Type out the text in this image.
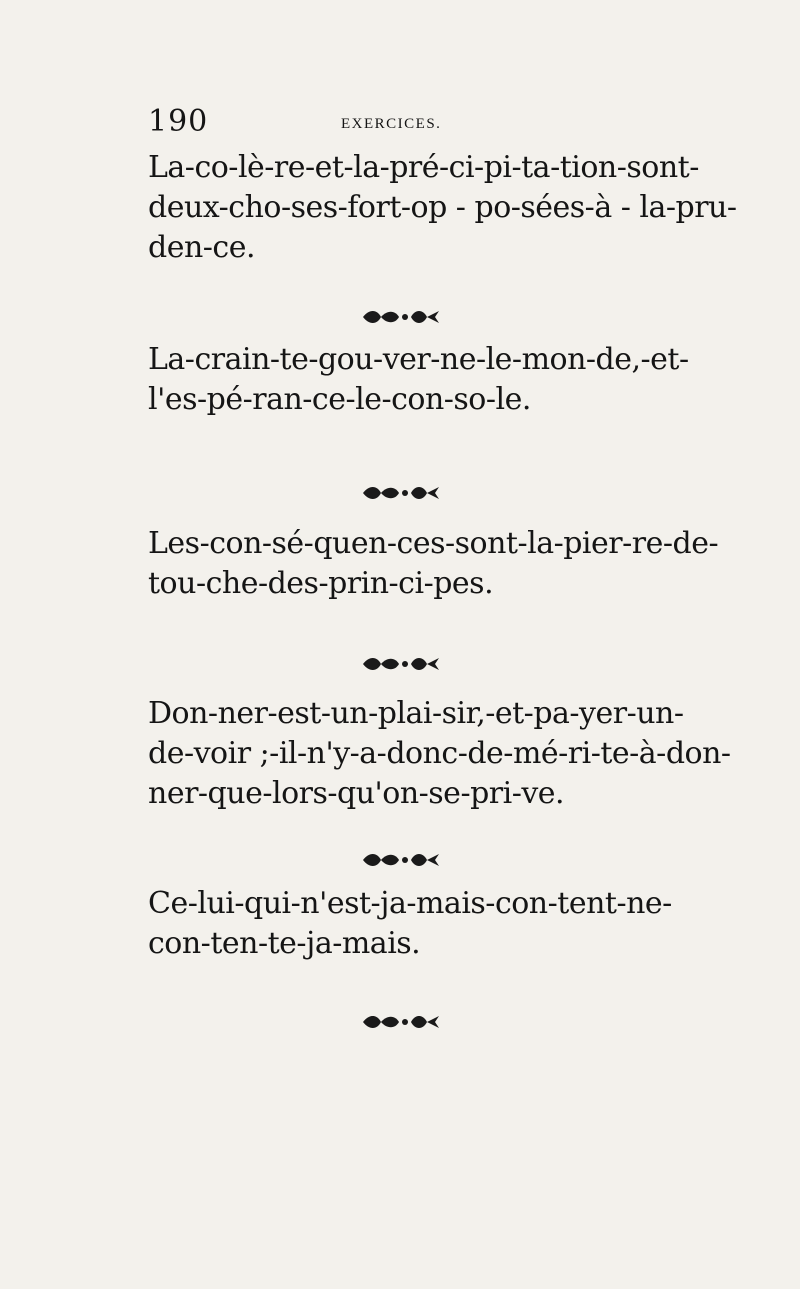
190	EXERCICES.
La-co-lè-re-et-la-pré-ci-pi-ta-tion-sont-
deux-cho-ses-fort-op - po-sées-à - la-pru-
den-ce.
La-crain-te-gou-ver-ne-le-mon-de,-et-
l'es-pé-ran-ce-le-con-so-le.
Les-con-sé-quen-ces-sont-la-pier-re-de-
tou-che-des-prin-ci-pes.
Don-ner-est-un-plai-sir,-et-pa-yer-un-
de-voir ;-il-n'y-a-donc-de-mé-ri-te-à-don-
ner-que-lors-qu'on-se-pri-ve.
Ce-lui-qui-n'est-ja-mais-con-tent-ne-
con-ten-te-ja-mais.
